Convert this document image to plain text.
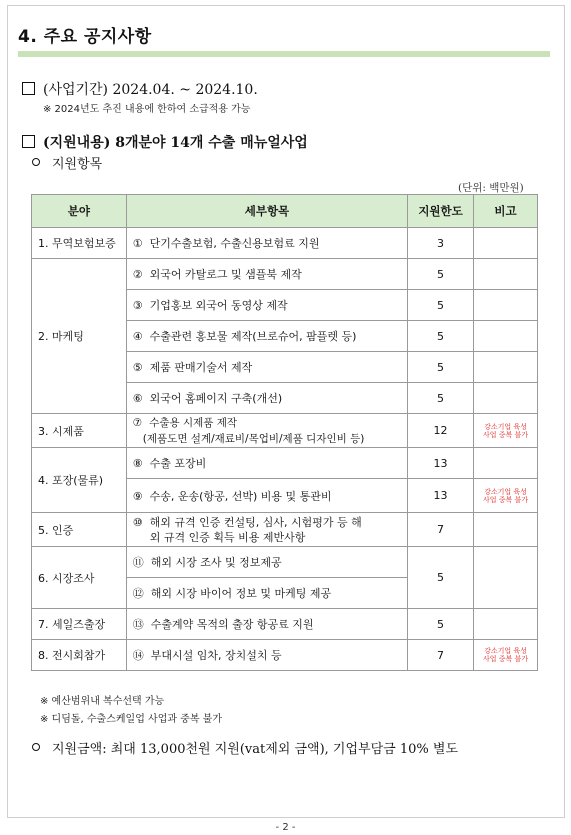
4. 주요 공지사항
(사업기간) 2024.04. ~ 2024.10.
※ 2024년도 추진 내용에 한하여 소급적용 가능
(지원내용) 8개분야 14개 수출 매뉴얼사업
지원항목
(단위: 백만원)
분야	세부항목	지원한도	비고
1. 무역보험보증	① 단기수출보험, 수출신용보험료 지원	3	
2. 마케팅	② 외국어 카탈로그 및 샘플북 제작	5	
	③ 기업홍보 외국어 동영상 제작	5	
	④ 수출관련 홍보물 제작(브로슈어, 팜플렛 등)	5	
	⑤ 제품 판매기술서 제작	5	
	⑥ 외국어 홈페이지 구축(개선)	5	
3. 시제품	⑦ 수출용 시제품 제작
(제품도면 설계/재료비/목업비/제품 디자인비 등)	12	강소기업 육성 사업 중복 불가
4. 포장(물류)	⑧ 수출 포장비	13	
	⑨ 수송, 운송(항공, 선박) 비용 및 통관비	13	강소기업 육성 사업 중복 불가
5. 인증	⑩ 해외 규격 인증 컨설팅, 심사, 시험평가 등 해
외 규격 인증 획득 비용 제반사항	7	
6. 시장조사	⑪ 해외 시장 조사 및 정보제공	5	
	⑫ 해외 시장 바이어 정보 및 마케팅 제공		
7. 세일즈출장	⑬ 수출계약 목적의 출장 항공료 지원	5	
8. 전시회참가	⑭ 부대시설 임차, 장치설치 등	7	강소기업 육성 사업 중복 불가
※ 예산범위내 복수선택 가능
※ 디딤돌, 수출스케일업 사업과 중복 불가
지원금액: 최대 13,000천원 지원(vat제외 금액), 기업부담금 10% 별도
- 2 -
